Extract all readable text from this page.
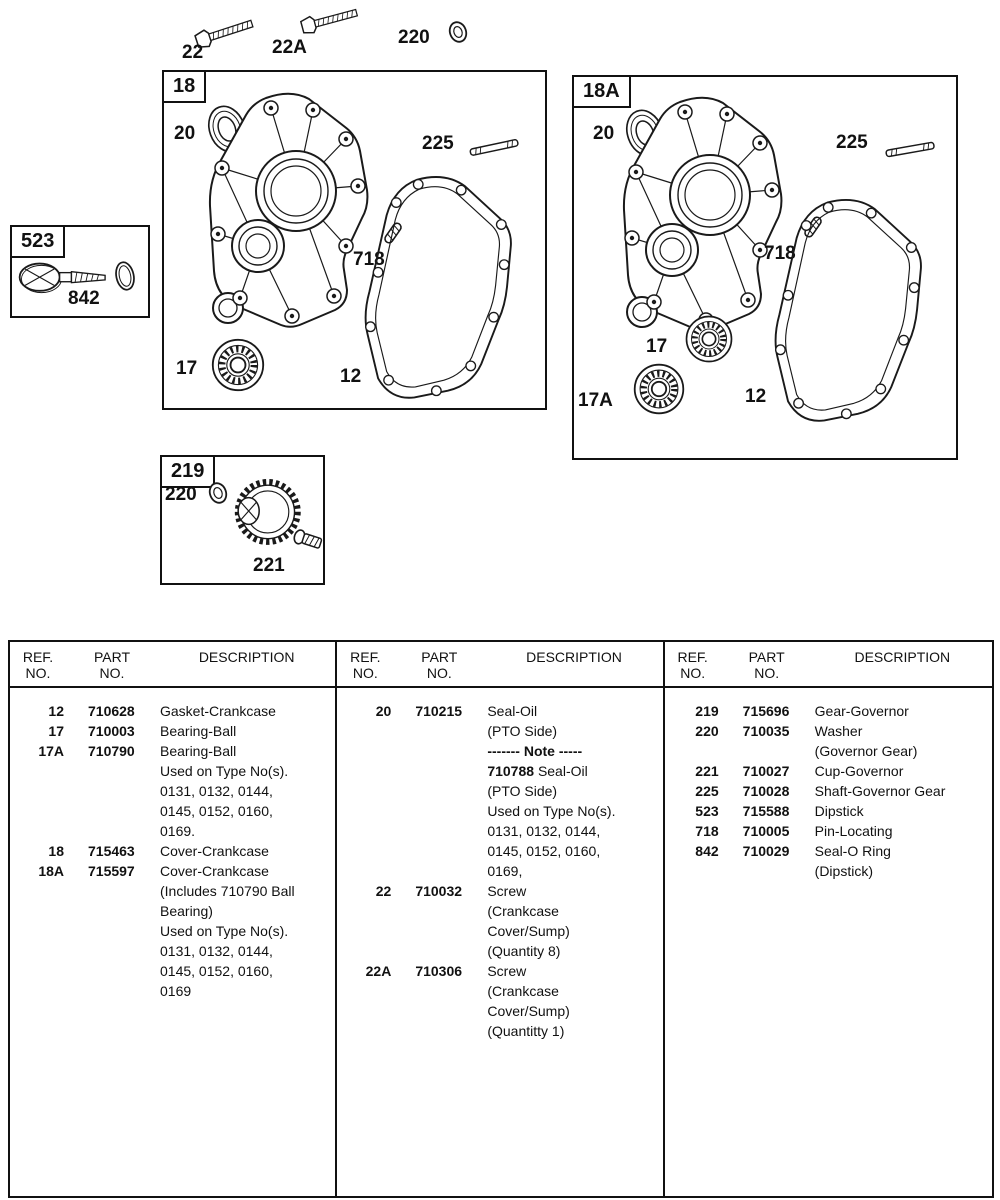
22	22A	220
18
20	225
718
17	12
18A
20	225
718
17
17A	12
523
842
219
220
221
REF.
NO.
PART
NO.
DESCRIPTION
12	710628	Gasket-Crankcase
17	710003	Bearing-Ball
17A	710790	Bearing-Ball
Used on Type No(s).
0131, 0132, 0144,
0145, 0152, 0160,
0169.
18	715463	Cover-Crankcase
18A	715597	Cover-Crankcase
(Includes 710790 Ball
Bearing)
Used on Type No(s).
0131, 0132, 0144,
0145, 0152, 0160,
0169
REF.
NO.
PART
NO.
DESCRIPTION
20	710215	Seal-Oil
(PTO Side)
------- Note -----
710788 Seal-Oil
(PTO Side)
Used on Type No(s).
0131, 0132, 0144,
0145, 0152, 0160,
0169,
22	710032	Screw
(Crankcase
Cover/Sump)
(Quantity 8)
22A	710306	Screw
(Crankcase
Cover/Sump)
(Quantitty 1)
REF.
NO.
PART
NO.
DESCRIPTION
219	715696	Gear-Governor
220	710035	Washer
(Governor Gear)
221	710027	Cup-Governor
225	710028	Shaft-Governor Gear
523	715588	Dipstick
718	710005	Pin-Locating
842	710029	Seal-O Ring
(Dipstick)
